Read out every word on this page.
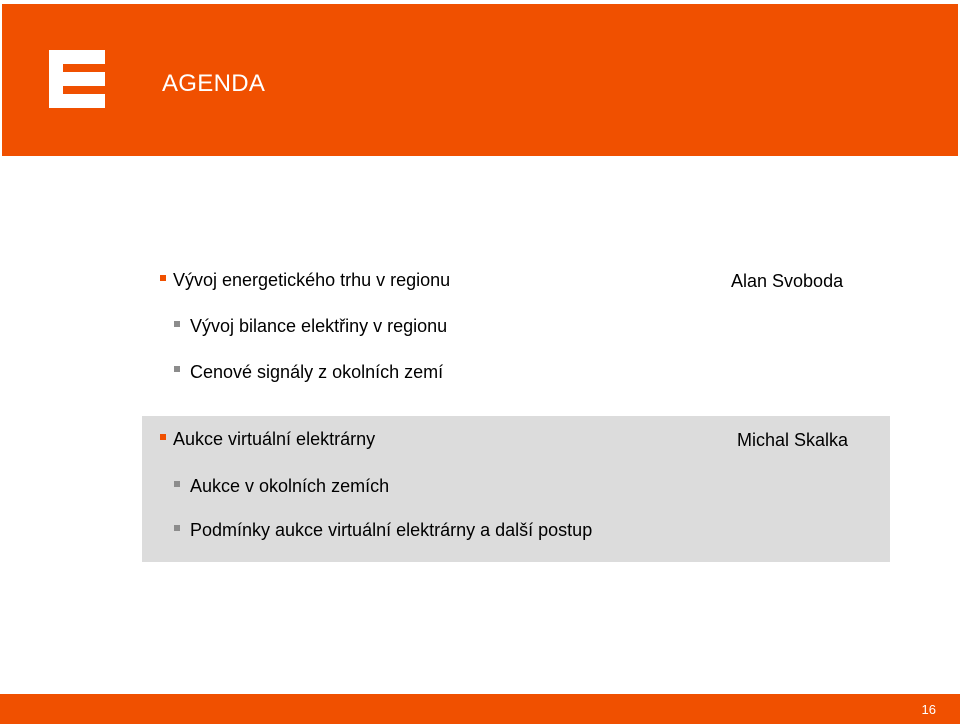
AGENDA
Vývoj energetického trhu v regionu	Alan Svoboda
Vývoj bilance elektřiny v regionu
Cenové signály z okolních zemí
Aukce virtuální elektrárny	Michal Skalka
Aukce v okolních zemích
Podmínky aukce virtuální elektrárny a další postup
16
